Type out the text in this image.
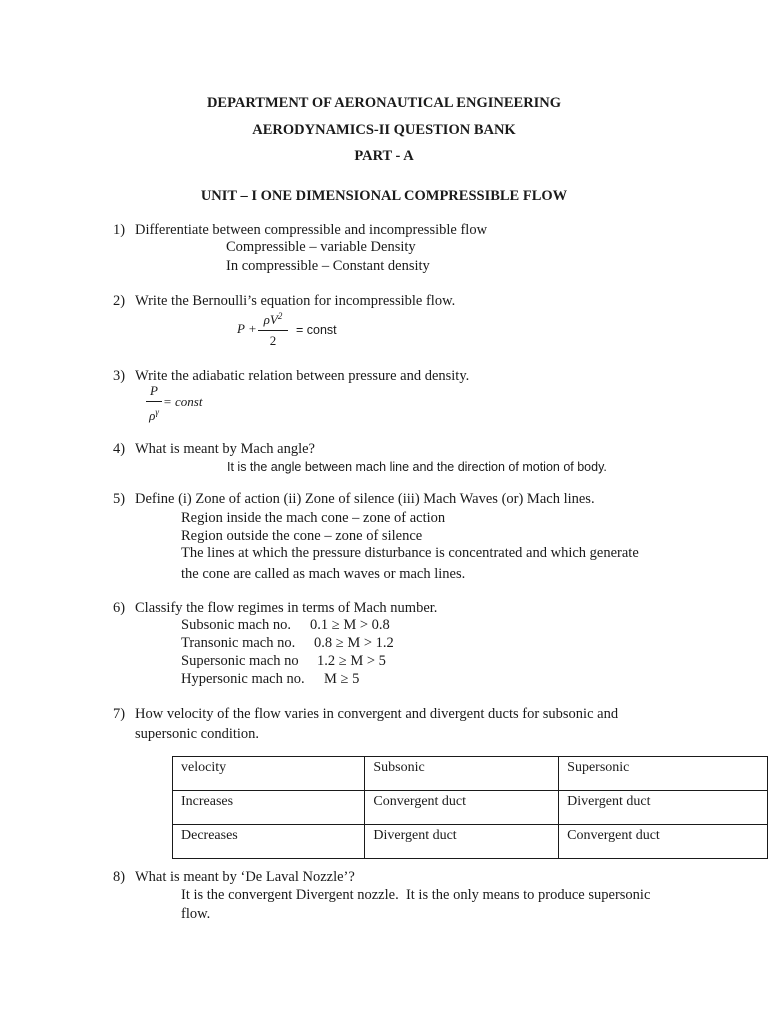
DEPARTMENT OF AERONAUTICAL ENGINEERING
AERODYNAMICS-II QUESTION BANK
PART - A
UNIT – I ONE DIMENSIONAL COMPRESSIBLE FLOW
1) Differentiate between compressible and incompressible flow
Compressible – variable Density
In compressible – Constant density
2) Write the Bernoulli’s equation for incompressible flow.
P +
$\rho V^2$
2
= const
3) Write the adiabatic relation between pressure and density.
P
$\rho^\gamma$
= const
4) What is meant by Mach angle?
It is the angle between mach line and the direction of motion of body.
5) Define (i) Zone of action (ii) Zone of silence (iii) Mach Waves (or) Mach lines.
Region inside the mach cone – zone of action
Region outside the cone – zone of silence
The lines at which the pressure disturbance is concentrated and which generate
the cone are called as mach waves or mach lines.
6) Classify the flow regimes in terms of Mach number.
Subsonic mach no. 0.1 ≥ M > 0.8
Transonic mach no. 0.8 ≥ M > 1.2
Supersonic mach no 1.2 ≥ M > 5
Hypersonic mach no. M ≥ 5
7) How velocity of the flow varies in convergent and divergent ducts for subsonic and
supersonic condition.
velocity	Subsonic	Supersonic
Increases	Convergent duct	Divergent duct
Decreases	Divergent duct	Convergent duct
8) What is meant by ‘De Laval Nozzle’?
It is the convergent Divergent nozzle.  It is the only means to produce supersonic
flow.
